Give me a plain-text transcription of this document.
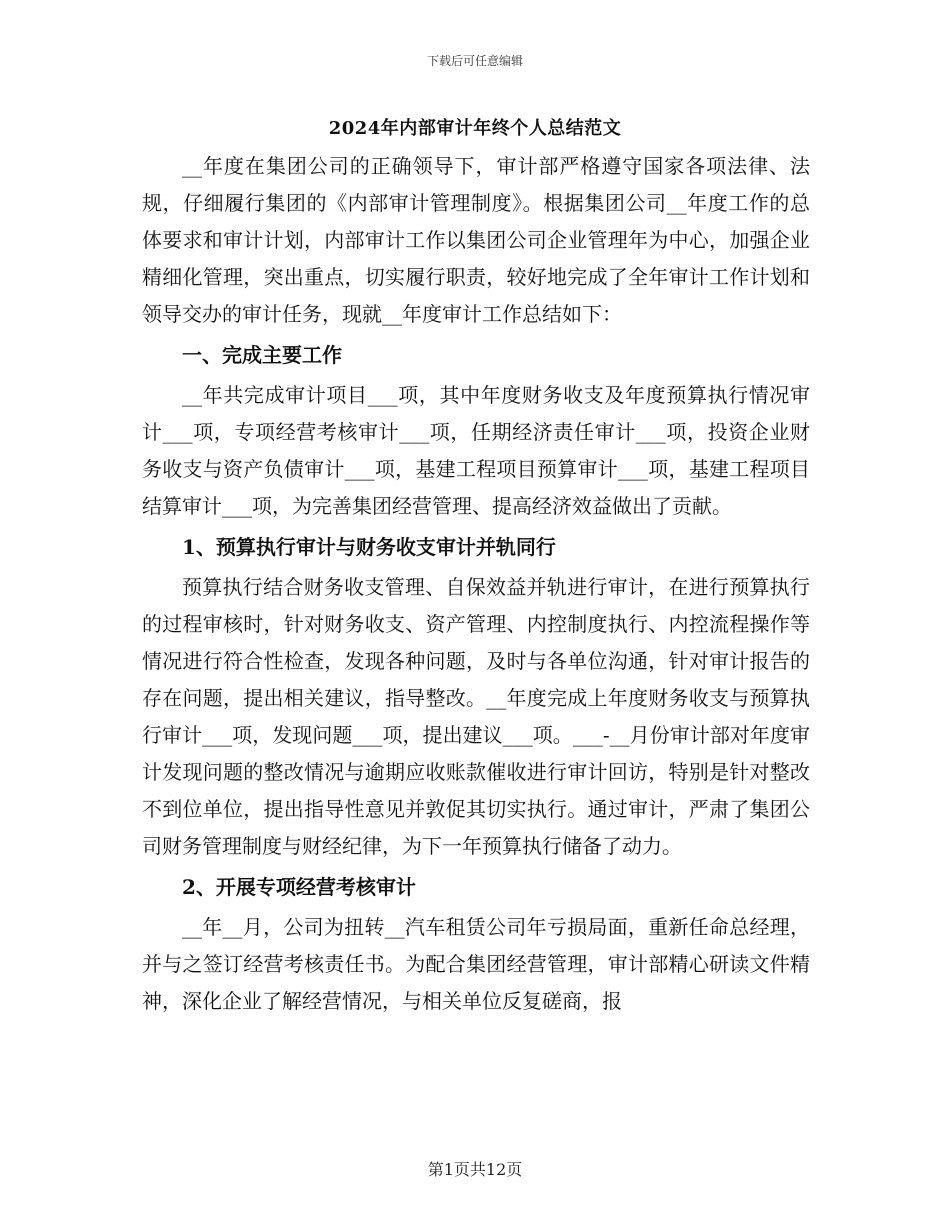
下载后可任意编辑
2024年内部审计年终个人总结范文

__年度在集团公司的正确领导下，审计部严格遵守国家各项法律、法规，仔细履行集团的《内部审计管理制度》。根据集团公司__年度工作的总体要求和审计计划，内部审计工作以集团公司企业管理年为中心，加强企业精细化管理，突出重点，切实履行职责，较好地完成了全年审计工作计划和领导交办的审计任务，现就__年度审计工作总结如下：

一、完成主要工作

__年共完成审计项目___项，其中年度财务收支及年度预算执行情况审计___项，专项经营考核审计___项，任期经济责任审计___项，投资企业财务收支与资产负债审计___项，基建工程项目预算审计___项，基建工程项目结算审计___项，为完善集团经营管理、提高经济效益做出了贡献。

1、预算执行审计与财务收支审计并轨同行

预算执行结合财务收支管理、自保效益并轨进行审计，在进行预算执行的过程审核时，针对财务收支、资产管理、内控制度执行、内控流程操作等情况进行符合性检查，发现各种问题，及时与各单位沟通，针对审计报告的存在问题，提出相关建议，指导整改。__年度完成上年度财务收支与预算执行审计___项，发现问题___项，提出建议___项。___-__月份审计部对年度审计发现问题的整改情况与逾期应收账款催收进行审计回访，特别是针对整改不到位单位，提出指导性意见并敦促其切实执行。通过审计，严肃了集团公司财务管理制度与财经纪律，为下一年预算执行储备了动力。

2、开展专项经营考核审计

__年__月，公司为扭转__汽车租赁公司年亏损局面，重新任命总经理，并与之签订经营考核责任书。为配合集团经营管理，审计部精心研读文件精神，深化企业了解经营情况，与相关单位反复磋商，报

第1页共12页
